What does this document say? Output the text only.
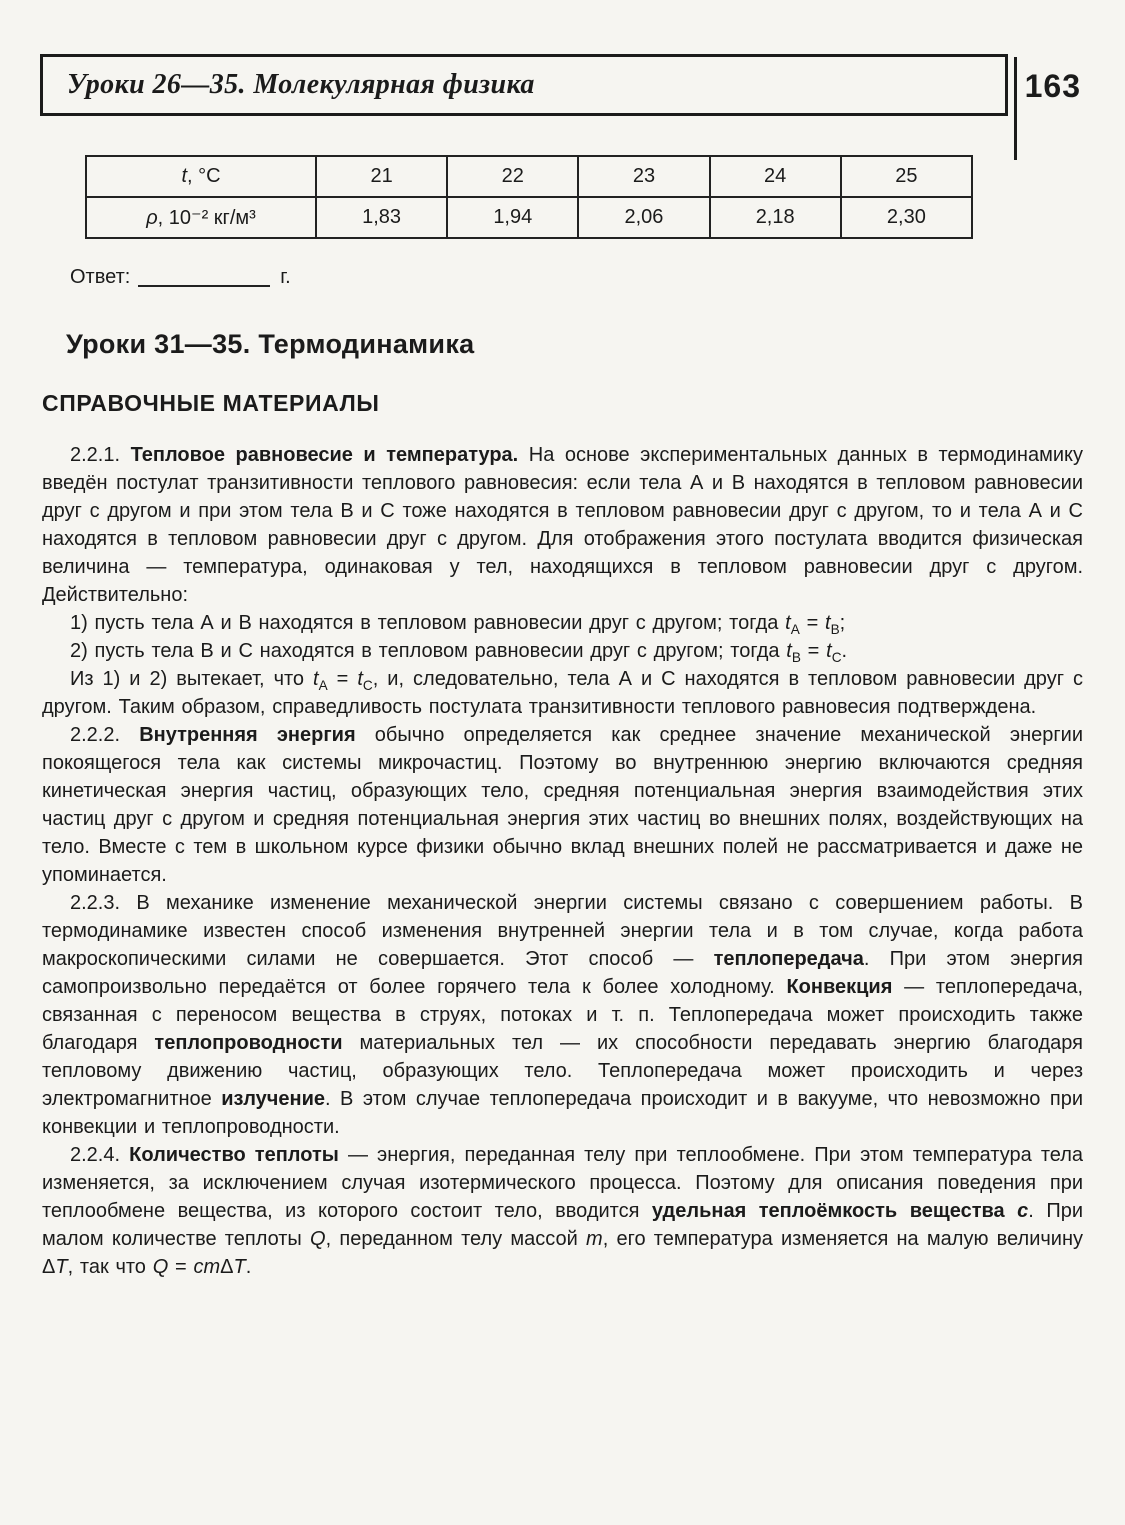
Уроки 26—35. Молекулярная физика	163
t, °C	21	22	23	24	25
ρ, 10⁻² кг/м³	1,83	1,94	2,06	2,18	2,30
Ответ:	г.
Уроки 31—35. Термодинамика
СПРАВОЧНЫЕ МАТЕРИАЛЫ

2.2.1. Тепловое равновесие и температура. На основе экспериментальных данных в термодинамику введён постулат транзитивности теплового равновесия: если тела А и В находятся в тепловом равновесии друг с другом и при этом тела В и С тоже находятся в тепловом равновесии друг с другом, то и тела А и С находятся в тепловом равновесии друг с другом. Для отображения этого постулата вводится физическая величина — температура, одинаковая у тел, находящихся в тепловом равновесии друг с другом. Действительно:

1) пусть тела А и В находятся в тепловом равновесии друг с другом; тогда $t_А = t_В$;

2) пусть тела В и С находятся в тепловом равновесии друг с другом; тогда $t_В = t_С$.

Из 1) и 2) вытекает, что $t_А = t_С$, и, следовательно, тела А и С находятся в тепловом равновесии друг с другом. Таким образом, справедливость постулата транзитивности теплового равновесия подтверждена.

2.2.2. Внутренняя энергия обычно определяется как среднее значение механической энергии покоящегося тела как системы микрочастиц. Поэтому во внутреннюю энергию включаются средняя кинетическая энергия частиц, образующих тело, средняя потенциальная энергия взаимодействия этих частиц друг с другом и средняя потенциальная энергия этих частиц во внешних полях, воздействующих на тело. Вместе с тем в школьном курсе физики обычно вклад внешних полей не рассматривается и даже не упоминается.

2.2.3. В механике изменение механической энергии системы связано с совершением работы. В термодинамике известен способ изменения внутренней энергии тела и в том случае, когда работа макроскопическими силами не совершается. Этот способ — теплопередача. При этом энергия самопроизвольно передаётся от более горячего тела к более холодному. Конвекция — теплопередача, связанная с переносом вещества в струях, потоках и т. п. Теплопередача может происходить также благодаря теплопроводности материальных тел — их способности передавать энергию благодаря тепловому движению частиц, образующих тело. Теплопередача может происходить и через электромагнитное излучение. В этом случае теплопередача происходит и в вакууме, что невозможно при конвекции и теплопроводности.

2.2.4. Количество теплоты — энергия, переданная телу при теплообмене. При этом температура тела изменяется, за исключением случая изотермического процесса. Поэтому для описания поведения при теплообмене вещества, из которого состоит тело, вводится удельная теплоёмкость вещества с. При малом количестве теплоты Q, переданном телу массой m, его температура изменяется на малую величину ΔT, так что Q = cmΔT.
